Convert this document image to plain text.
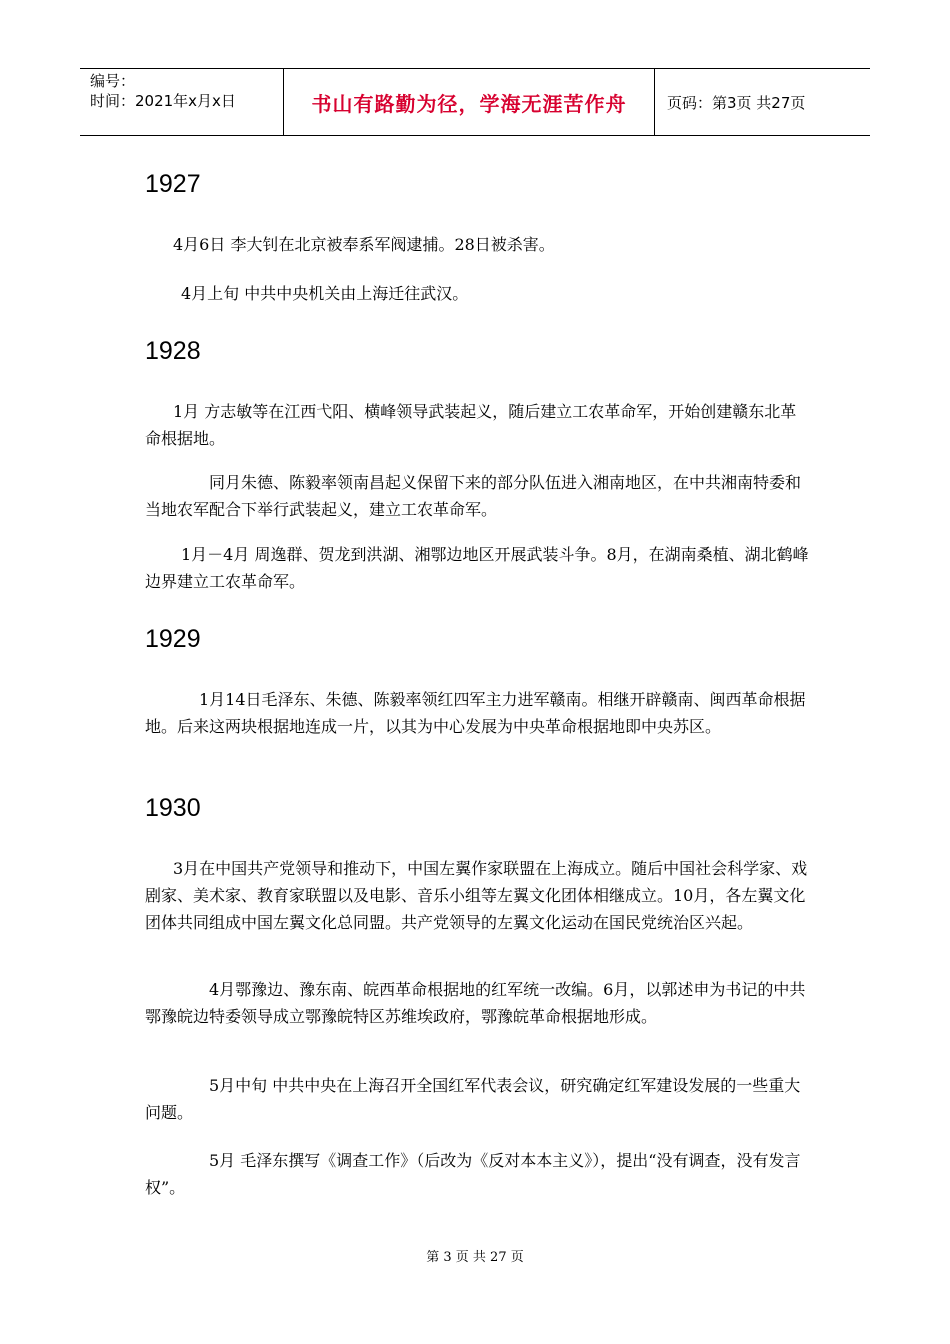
编号：
时间：2021年x月x日	书山有路勤为径，学海无涯苦作舟	页码：第3页 共27页
1927

4月6日 李大钊在北京被奉系军阀逮捕。28日被杀害。

4月上旬 中共中央机关由上海迁往武汉。

1928

1月 方志敏等在江西弋阳、横峰领导武装起义，随后建立工农革命军，开始创建赣东北革命根据地。

同月朱德、陈毅率领南昌起义保留下来的部分队伍进入湘南地区，在中共湘南特委和当地农军配合下举行武装起义，建立工农革命军。

1月－4月 周逸群、贺龙到洪湖、湘鄂边地区开展武装斗争。8月，在湖南桑植、湖北鹤峰边界建立工农革命军。

1929

1月14日毛泽东、朱德、陈毅率领红四军主力进军赣南。相继开辟赣南、闽西革命根据地。后来这两块根据地连成一片，以其为中心发展为中央革命根据地即中央苏区。

1930

3月在中国共产党领导和推动下，中国左翼作家联盟在上海成立。随后中国社会科学家、戏剧家、美术家、教育家联盟以及电影、音乐小组等左翼文化团体相继成立。10月，各左翼文化团体共同组成中国左翼文化总同盟。共产党领导的左翼文化运动在国民党统治区兴起。

4月鄂豫边、豫东南、皖西革命根据地的红军统一改编。6月，以郭述申为书记的中共鄂豫皖边特委领导成立鄂豫皖特区苏维埃政府，鄂豫皖革命根据地形成。

5月中旬 中共中央在上海召开全国红军代表会议，研究确定红军建设发展的一些重大问题。

5月 毛泽东撰写《调查工作》（后改为《反对本本主义》），提出“没有调查，没有发言权”。

第 3 页 共 27 页
